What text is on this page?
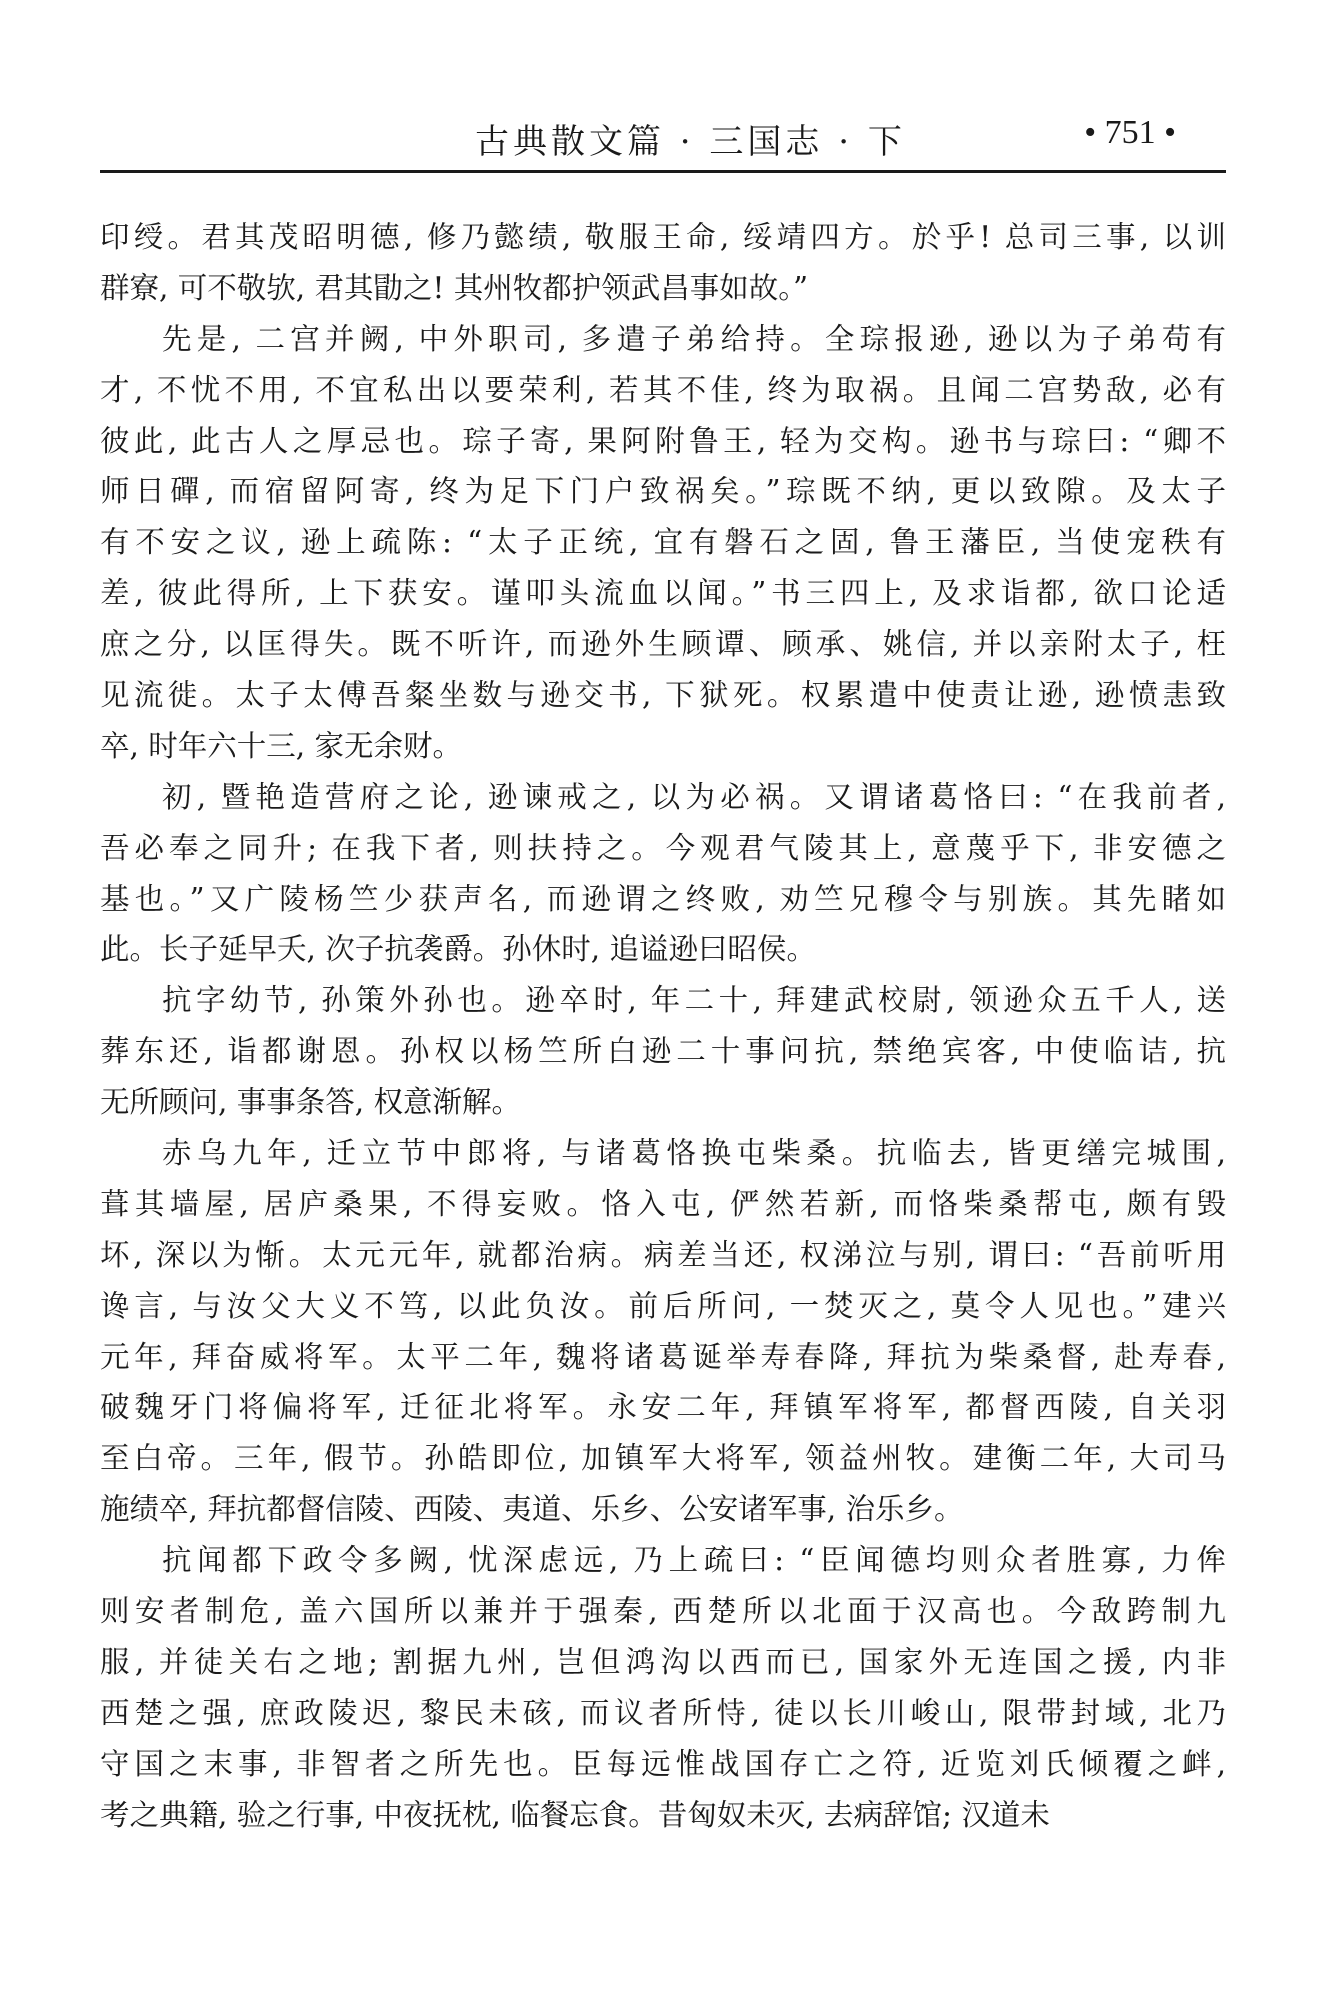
古典散文篇 · 三国志 · 下	• 751 •
印绶。君其茂昭明德, 修乃懿绩, 敬服王命, 绥靖四方。於乎! 总司三事, 以训
群寮, 可不敬欤, 君其勖之! 其州牧都护领武昌事如故。”
先是, 二宫并阙, 中外职司, 多遣子弟给持。全琮报逊, 逊以为子弟苟有
才, 不忧不用, 不宜私出以要荣利, 若其不佳, 终为取祸。且闻二宫势敌, 必有
彼此, 此古人之厚忌也。琮子寄, 果阿附鲁王, 轻为交构。逊书与琮曰: “卿不
师日磾, 而宿留阿寄, 终为足下门户致祸矣。”琮既不纳, 更以致隙。及太子
有不安之议, 逊上疏陈: “太子正统, 宜有磐石之固, 鲁王藩臣, 当使宠秩有
差, 彼此得所, 上下获安。谨叩头流血以闻。”书三四上, 及求诣都, 欲口论适
庶之分, 以匡得失。既不听许, 而逊外生顾谭、顾承、姚信, 并以亲附太子, 枉
见流徙。太子太傅吾粲坐数与逊交书, 下狱死。权累遣中使责让逊, 逊愤恚致
卒, 时年六十三, 家无余财。
初, 暨艳造营府之论, 逊谏戒之, 以为必祸。又谓诸葛恪曰: “在我前者,
吾必奉之同升; 在我下者, 则扶持之。今观君气陵其上, 意蔑乎下, 非安德之
基也。”又广陵杨竺少获声名, 而逊谓之终败, 劝竺兄穆令与别族。其先睹如
此。长子延早夭, 次子抗袭爵。孙休时, 追谥逊曰昭侯。
抗字幼节, 孙策外孙也。逊卒时, 年二十, 拜建武校尉, 领逊众五千人, 送
葬东还, 诣都谢恩。孙权以杨竺所白逊二十事问抗, 禁绝宾客, 中使临诘, 抗
无所顾问, 事事条答, 权意渐解。
赤乌九年, 迁立节中郎将, 与诸葛恪换屯柴桑。抗临去, 皆更缮完城围,
葺其墙屋, 居庐桑果, 不得妄败。恪入屯, 俨然若新, 而恪柴桑帮屯, 颇有毁
坏, 深以为惭。太元元年, 就都治病。病差当还, 权涕泣与别, 谓曰: “吾前听用
谗言, 与汝父大义不笃, 以此负汝。前后所问, 一焚灭之, 莫令人见也。”建兴
元年, 拜奋威将军。太平二年, 魏将诸葛诞举寿春降, 拜抗为柴桑督, 赴寿春,
破魏牙门将偏将军, 迁征北将军。永安二年, 拜镇军将军, 都督西陵, 自关羽
至白帝。三年, 假节。孙皓即位, 加镇军大将军, 领益州牧。建衡二年, 大司马
施绩卒, 拜抗都督信陵、西陵、夷道、乐乡、公安诸军事, 治乐乡。
抗闻都下政令多阙, 忧深虑远, 乃上疏曰: “臣闻德均则众者胜寡, 力侔
则安者制危, 盖六国所以兼并于强秦, 西楚所以北面于汉高也。今敌跨制九
服, 并徒关右之地; 割据九州, 岂但鸿沟以西而已, 国家外无连国之援, 内非
西楚之强, 庶政陵迟, 黎民未硋, 而议者所恃, 徒以长川峻山, 限带封域, 北乃
守国之末事, 非智者之所先也。臣每远惟战国存亡之符, 近览刘氏倾覆之衅,
考之典籍, 验之行事, 中夜抚枕, 临餐忘食。昔匈奴未灭, 去病辞馆; 汉道未
